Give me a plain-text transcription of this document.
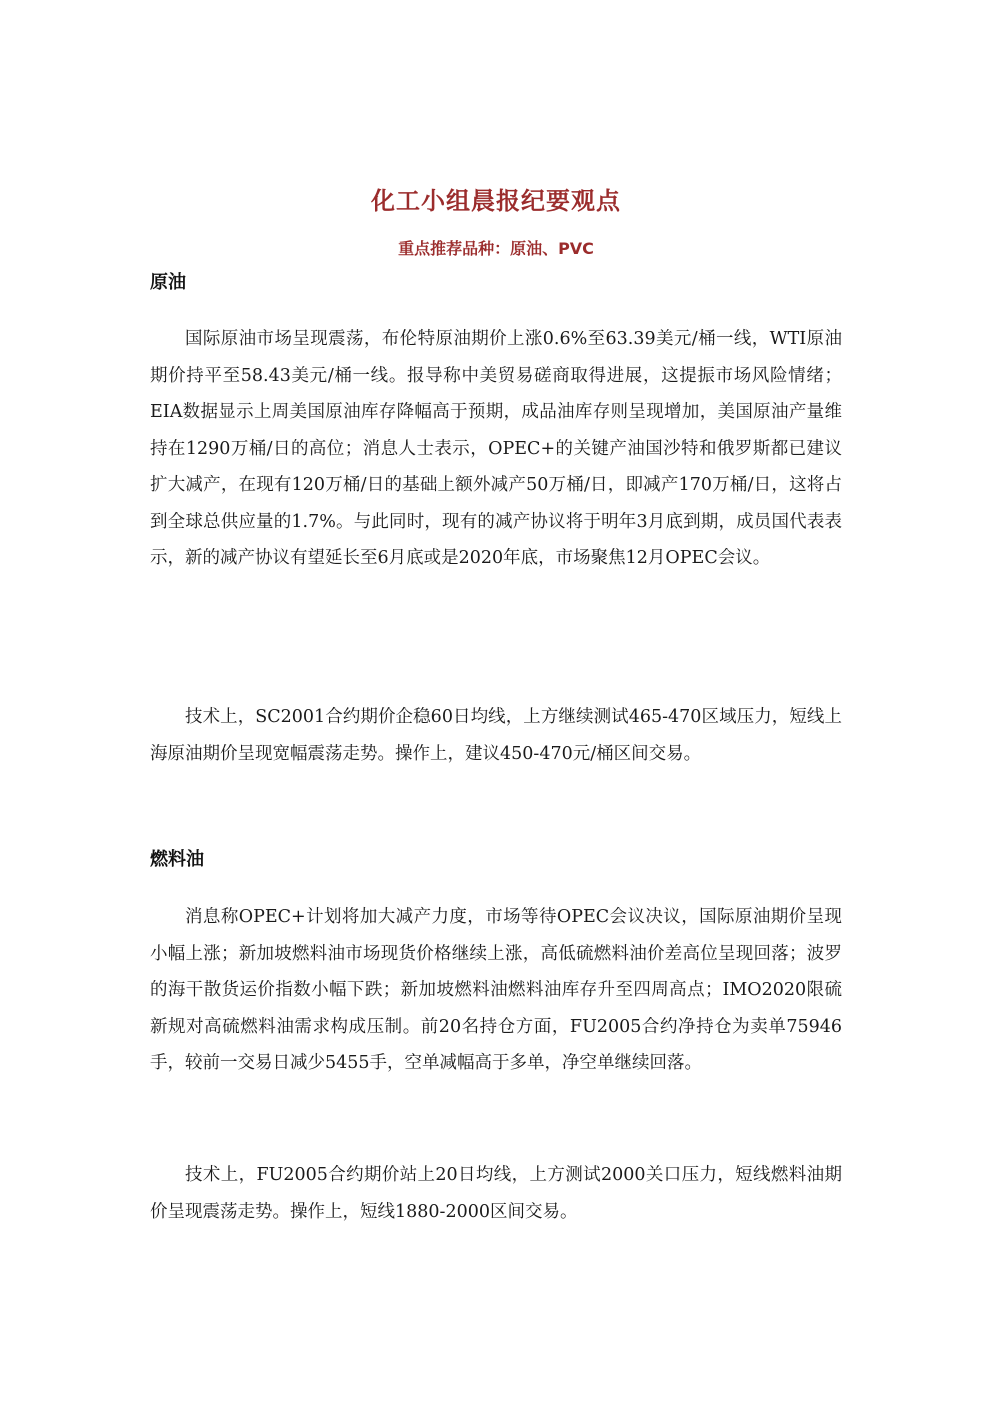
化工小组晨报纪要观点
重点推荐品种：原油、PVC
原油

国际原油市场呈现震荡，布伦特原油期价上涨0.6%至63.39美元/桶一线，WTI原油期价持平至58.43美元/桶一线。报导称中美贸易磋商取得进展，这提振市场风险情绪；EIA数据显示上周美国原油库存降幅高于预期，成品油库存则呈现增加，美国原油产量维持在1290万桶/日的高位；消息人士表示，OPEC+的关键产油国沙特和俄罗斯都已建议扩大减产，在现有120万桶/日的基础上额外减产50万桶/日，即减产170万桶/日，这将占到全球总供应量的1.7%。与此同时，现有的减产协议将于明年3月底到期，成员国代表表示，新的减产协议有望延长至6月底或是2020年底，市场聚焦12月OPEC会议。

技术上，SC2001合约期价企稳60日均线，上方继续测试465-470区域压力，短线上海原油期价呈现宽幅震荡走势。操作上，建议450-470元/桶区间交易。

燃料油

消息称OPEC+计划将加大减产力度，市场等待OPEC会议决议，国际原油期价呈现小幅上涨；新加坡燃料油市场现货价格继续上涨，高低硫燃料油价差高位呈现回落；波罗的海干散货运价指数小幅下跌；新加坡燃料油燃料油库存升至四周高点；IMO2020限硫新规对高硫燃料油需求构成压制。前20名持仓方面，FU2005合约净持仓为卖单75946手，较前一交易日减少5455手，空单减幅高于多单，净空单继续回落。

技术上，FU2005合约期价站上20日均线，上方测试2000关口压力，短线燃料油期价呈现震荡走势。操作上，短线1880-2000区间交易。
